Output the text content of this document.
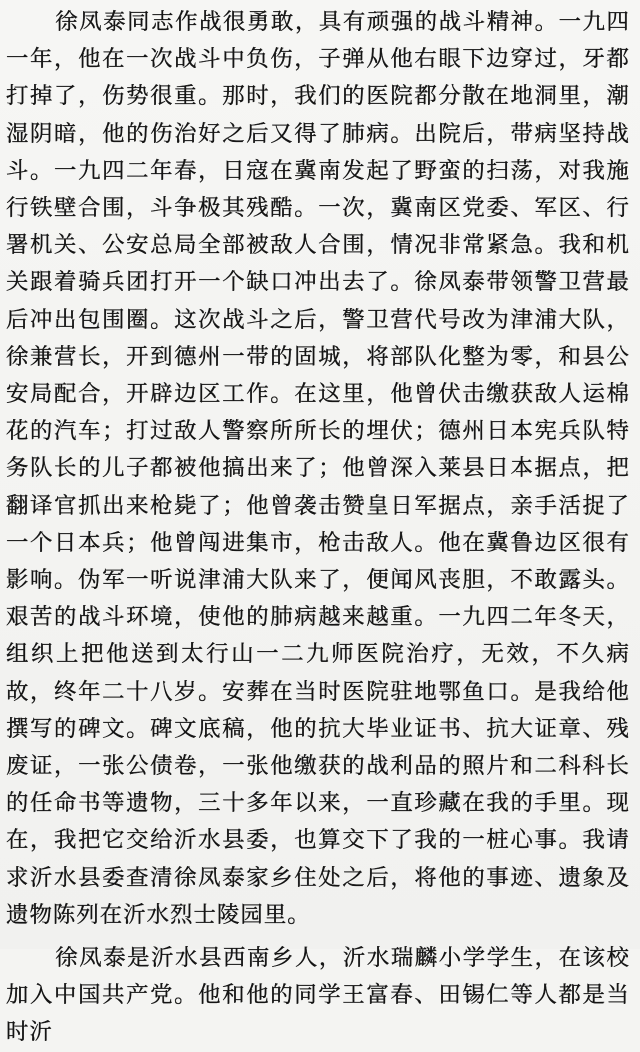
徐凤泰同志作战很勇敢，具有顽强的战斗精神。一九四一年，他在一次战斗中负伤，子弹从他右眼下边穿过，牙都打掉了，伤势很重。那时，我们的医院都分散在地洞里，潮湿阴暗，他的伤治好之后又得了肺病。出院后，带病坚持战斗。一九四二年春，日寇在冀南发起了野蛮的扫荡，对我施行铁壁合围，斗争极其残酷。一次，冀南区党委、军区、行署机关、公安总局全部被敌人合围，情况非常紧急。我和机关跟着骑兵团打开一个缺口冲出去了。徐凤泰带领警卫营最后冲出包围圈。这次战斗之后，警卫营代号改为津浦大队，徐兼营长，开到德州一带的固城，将部队化整为零，和县公安局配合，开辟边区工作。在这里，他曾伏击缴获敌人运棉花的汽车；打过敌人警察所所长的埋伏；德州日本宪兵队特务队长的儿子都被他搞出来了；他曾深入莱县日本据点，把翻译官抓出来枪毙了；他曾袭击赞皇日军据点，亲手活捉了一个日本兵；他曾闯进集市，枪击敌人。他在冀鲁边区很有影响。伪军一听说津浦大队来了，便闻风丧胆，不敢露头。艰苦的战斗环境，使他的肺病越来越重。一九四二年冬天，组织上把他送到太行山一二九师医院治疗，无效，不久病故，终年二十八岁。安葬在当时医院驻地鄂鱼口。是我给他撰写的碑文。碑文底稿，他的抗大毕业证书、抗大证章、残废证，一张公债卷，一张他缴获的战利品的照片和二科科长的任命书等遗物，三十多年以来，一直珍藏在我的手里。现在，我把它交给沂水县委，也算交下了我的一桩心事。我请求沂水县委查清徐凤泰家乡住处之后，将他的事迹、遗象及遗物陈列在沂水烈士陵园里。

徐凤泰是沂水县西南乡人，沂水瑞麟小学学生，在该校加入中国共产党。他和他的同学王富春、田锡仁等人都是当时沂
